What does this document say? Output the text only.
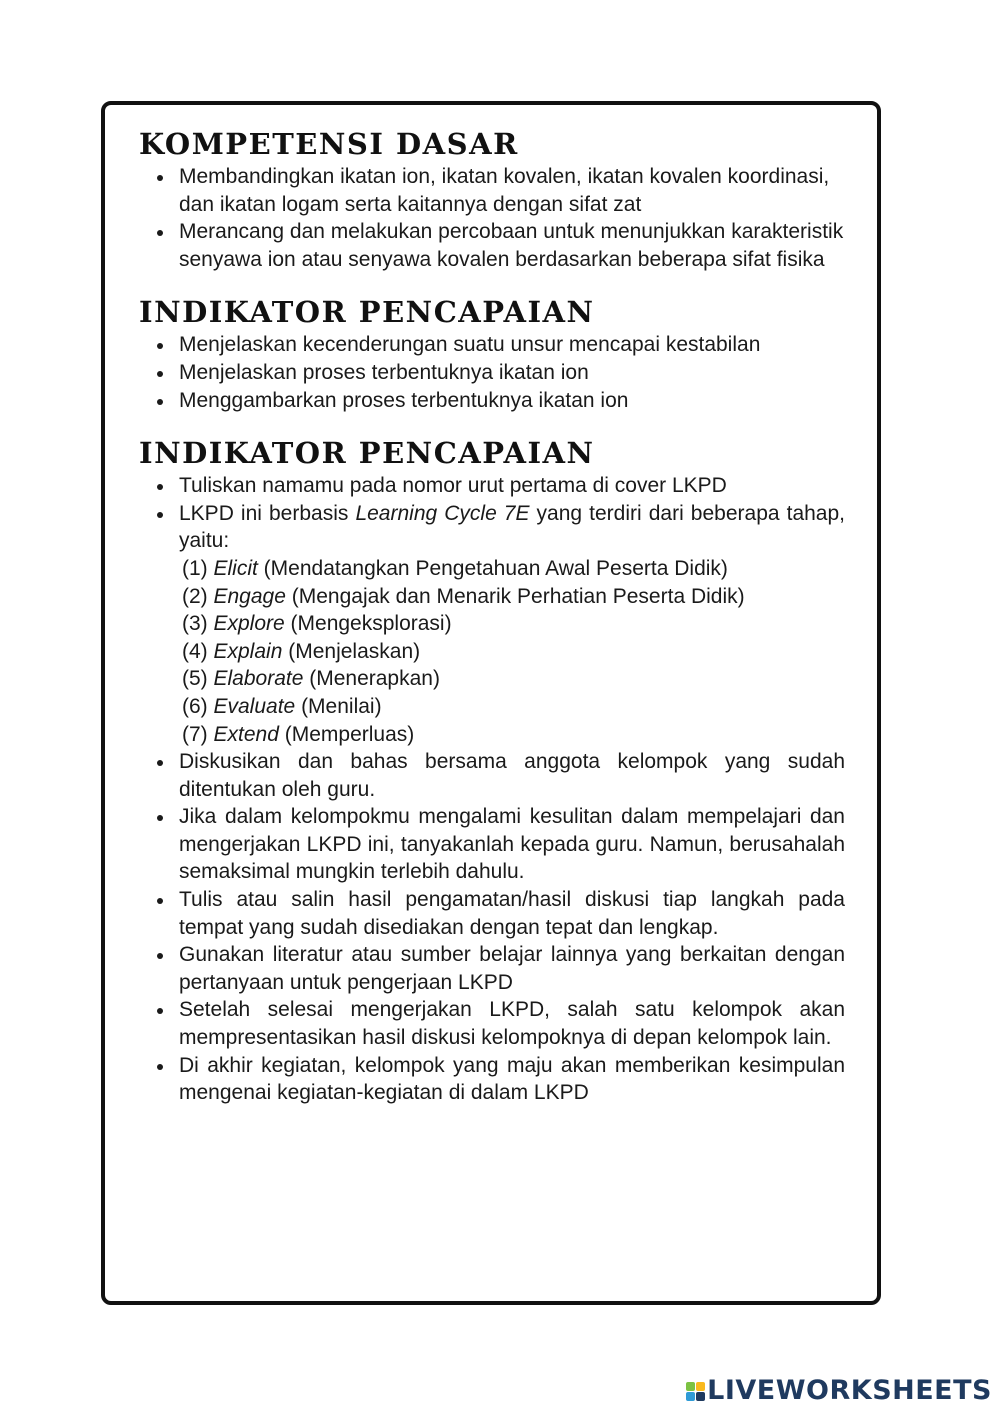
KOMPETENSI DASAR
Membandingkan ikatan ion, ikatan kovalen, ikatan kovalen koordinasi, dan ikatan logam serta kaitannya dengan sifat zat
Merancang dan melakukan percobaan untuk menunjukkan karakteristik senyawa ion atau senyawa kovalen berdasarkan beberapa sifat fisika
INDIKATOR PENCAPAIAN
Menjelaskan kecenderungan suatu unsur mencapai kestabilan
Menjelaskan proses terbentuknya ikatan ion
Menggambarkan proses terbentuknya ikatan ion
INDIKATOR PENCAPAIAN
Tuliskan namamu pada nomor urut pertama di cover LKPD
LKPD ini berbasis Learning Cycle 7E yang terdiri dari beberapa tahap, yaitu:
(1) Elicit (Mendatangkan Pengetahuan Awal Peserta Didik)
(2) Engage (Mengajak dan Menarik Perhatian Peserta Didik)
(3) Explore (Mengeksplorasi)
(4) Explain (Menjelaskan)
(5) Elaborate (Menerapkan)
(6) Evaluate (Menilai)
(7) Extend (Memperluas)
Diskusikan dan bahas bersama anggota kelompok yang sudah ditentukan oleh guru.
Jika dalam kelompokmu mengalami kesulitan dalam mempelajari dan mengerjakan LKPD ini, tanyakanlah kepada guru. Namun, berusahalah semaksimal mungkin terlebih dahulu.
Tulis atau salin hasil pengamatan/hasil diskusi tiap langkah pada tempat yang sudah disediakan dengan tepat dan lengkap.
Gunakan literatur atau sumber belajar lainnya yang berkaitan dengan pertanyaan untuk pengerjaan LKPD
Setelah selesai mengerjakan LKPD, salah satu kelompok akan mempresentasikan hasil diskusi kelompoknya di depan kelompok lain.
Di akhir kegiatan, kelompok yang maju akan memberikan kesimpulan mengenai kegiatan-kegiatan di dalam LKPD
LIVEWORKSHEETS
